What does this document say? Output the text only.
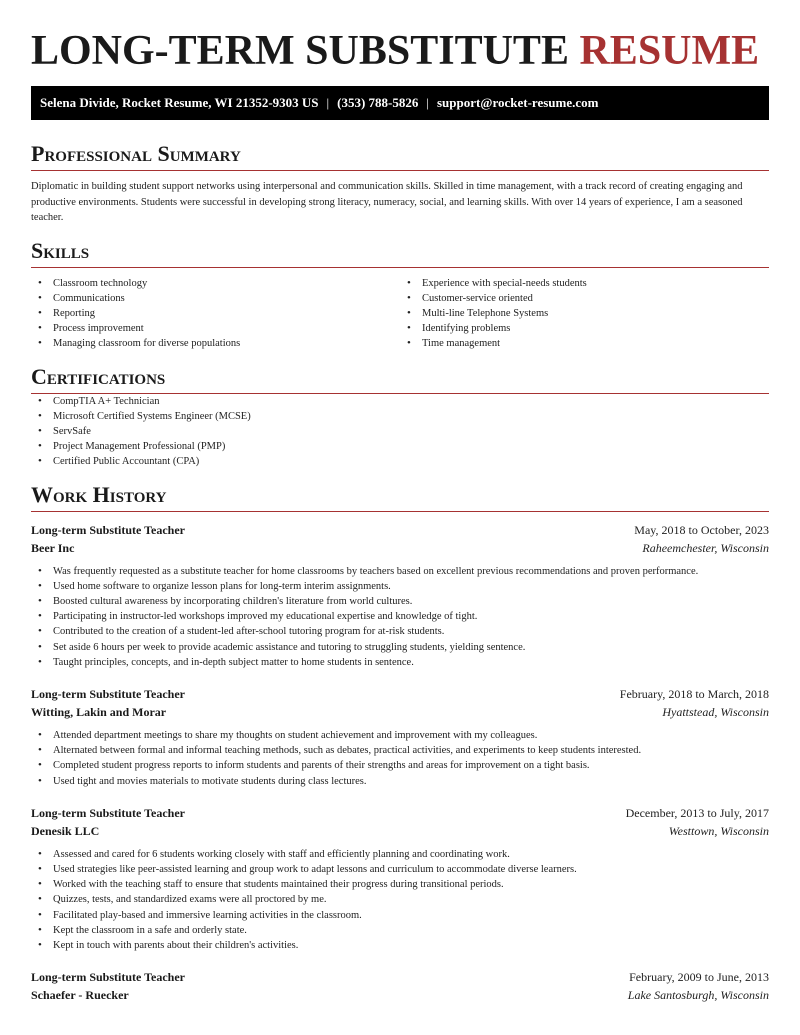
LONG-TERM SUBSTITUTE RESUME
Selena Divide, Rocket Resume, WI 21352-9303 US | (353) 788-5826 | support@rocket-resume.com
Professional Summary

Diplomatic in building student support networks using interpersonal and communication skills. Skilled in time management, with a track record of creating engaging and productive environments. Students were successful in developing strong literacy, numeracy, social, and learning skills. With over 14 years of experience, I am a seasoned teacher.

Skills
• Classroom technology
• Communications
• Reporting
• Process improvement
• Managing classroom for diverse populations
• Experience with special-needs students
• Customer-service oriented
• Multi-line Telephone Systems
• Identifying problems
• Time management
Certifications
• CompTIA A+ Technician
• Microsoft Certified Systems Engineer (MCSE)
• ServSafe
• Project Management Professional (PMP)
• Certified Public Accountant (CPA)
Work History
Long-term Substitute Teacher	May, 2018 to October, 2023
Beer Inc	Raheemchester, Wisconsin
• Was frequently requested as a substitute teacher for home classrooms by teachers based on excellent previous recommendations and proven performance.
• Used home software to organize lesson plans for long-term interim assignments.
• Boosted cultural awareness by incorporating children's literature from world cultures.
• Participating in instructor-led workshops improved my educational expertise and knowledge of tight.
• Contributed to the creation of a student-led after-school tutoring program for at-risk students.
• Set aside 6 hours per week to provide academic assistance and tutoring to struggling students, yielding sentence.
• Taught principles, concepts, and in-depth subject matter to home students in sentence.
Long-term Substitute Teacher	February, 2018 to March, 2018
Witting, Lakin and Morar	Hyattstead, Wisconsin
• Attended department meetings to share my thoughts on student achievement and improvement with my colleagues.
• Alternated between formal and informal teaching methods, such as debates, practical activities, and experiments to keep students interested.
• Completed student progress reports to inform students and parents of their strengths and areas for improvement on a tight basis.
• Used tight and movies materials to motivate students during class lectures.
Long-term Substitute Teacher	December, 2013 to July, 2017
Denesik LLC	Westtown, Wisconsin
• Assessed and cared for 6 students working closely with staff and efficiently planning and coordinating work.
• Used strategies like peer-assisted learning and group work to adapt lessons and curriculum to accommodate diverse learners.
• Worked with the teaching staff to ensure that students maintained their progress during transitional periods.
• Quizzes, tests, and standardized exams were all proctored by me.
• Facilitated play-based and immersive learning activities in the classroom.
• Kept the classroom in a safe and orderly state.
• Kept in touch with parents about their children's activities.
Long-term Substitute Teacher	February, 2009 to June, 2013
Schaefer - Ruecker	Lake Santosburgh, Wisconsin
